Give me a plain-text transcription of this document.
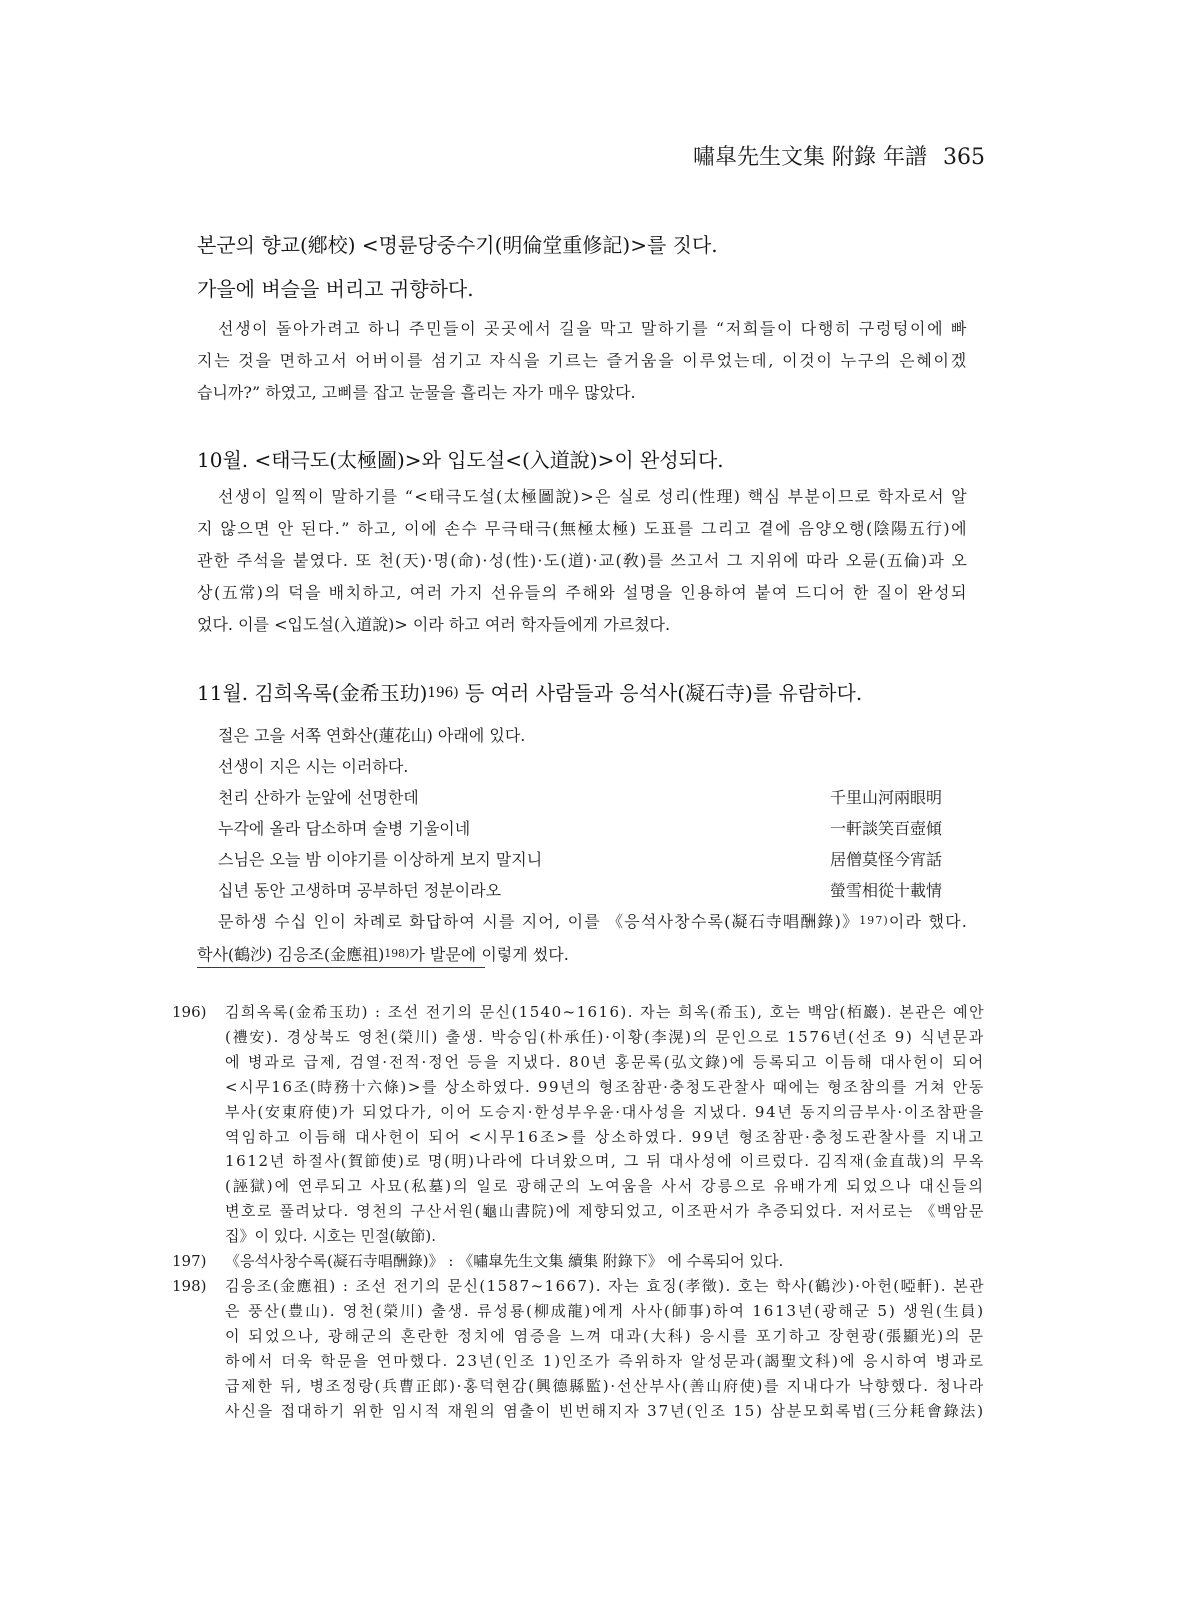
嘯皐先生文集 附錄 年譜 365
본군의 향교(鄕校) <명륜당중수기(明倫堂重修記)>를 짓다.
가을에 벼슬을 버리고 귀향하다.
선생이 돌아가려고 하니 주민들이 곳곳에서 길을 막고 말하기를 “저희들이 다행히 구렁텅이에 빠
지는 것을 면하고서 어버이를 섬기고 자식을 기르는 즐거움을 이루었는데, 이것이 누구의 은혜이겠
습니까?” 하였고, 고삐를 잡고 눈물을 흘리는 자가 매우 많았다.
10월. <태극도(太極圖)>와 입도설<(入道說)>이 완성되다.
선생이 일찍이 말하기를 “<태극도설(太極圖說)>은 실로 성리(性理) 핵심 부분이므로 학자로서 알
지 않으면 안 된다.” 하고, 이에 손수 무극태극(無極太極) 도표를 그리고 곁에 음양오행(陰陽五行)에
관한 주석을 붙였다. 또 천(天)·명(命)·성(性)·도(道)·교(敎)를 쓰고서 그 지위에 따라 오륜(五倫)과 오
상(五常)의 덕을 배치하고, 여러 가지 선유들의 주해와 설명을 인용하여 붙여 드디어 한 질이 완성되
었다. 이를 <입도설(入道說)> 이라 하고 여러 학자들에게 가르쳤다.
11월. 김희옥록(金希玉玏)196) 등 여러 사람들과 응석사(凝石寺)를 유람하다.
절은 고을 서쪽 연화산(蓮花山) 아래에 있다.
선생이 지은 시는 이러하다.
천리 산하가 눈앞에 선명한데	千里山河兩眼明
누각에 올라 담소하며 술병 기울이네	一軒談笑百壺傾
스님은 오늘 밤 이야기를 이상하게 보지 말지니	居僧莫怪今宵話
십년 동안 고생하며 공부하던 정분이라오	螢雪相從十載情
문하생 수십 인이 차례로 화답하여 시를 지어, 이를 《응석사창수록(凝石寺唱酬錄)》197)이라 했다.
학사(鶴沙) 김응조(金應祖)198)가 발문에 이렇게 썼다.
196) 김희옥록(金希玉玏) : 조선 전기의 문신(1540~1616). 자는 희옥(希玉), 호는 백암(栢巖). 본관은 예안
(禮安). 경상북도 영천(榮川) 출생. 박승임(朴承任)·이황(李滉)의 문인으로 1576년(선조 9) 식년문과
에 병과로 급제, 검열·전적·정언 등을 지냈다. 80년 홍문록(弘文錄)에 등록되고 이듬해 대사헌이 되어
<시무16조(時務十六條)>를 상소하였다. 99년의 형조참판·충청도관찰사 때에는 형조참의를 거쳐 안동
부사(安東府使)가 되었다가, 이어 도승지·한성부우윤·대사성을 지냈다. 94년 동지의금부사·이조참판을
역임하고 이듬해 대사헌이 되어 <시무16조>를 상소하였다. 99년 형조참판·충청도관찰사를 지내고
1612년 하절사(賀節使)로 명(明)나라에 다녀왔으며, 그 뒤 대사성에 이르렀다. 김직재(金直哉)의 무옥
(誣獄)에 연루되고 사묘(私墓)의 일로 광해군의 노여움을 사서 강릉으로 유배가게 되었으나 대신들의
변호로 풀려났다. 영천의 구산서원(龜山書院)에 제향되었고, 이조판서가 추증되었다. 저서로는 《백암문
집》이 있다. 시호는 민절(敏節).
197) 《응석사창수록(凝石寺唱酬錄)》 : 《嘯皐先生文集 續集 附錄下》 에 수록되어 있다.
198) 김응조(金應祖) : 조선 전기의 문신(1587~1667). 자는 효징(孝徵). 호는 학사(鶴沙)·아헌(啞軒). 본관
은 풍산(豊山). 영천(榮川) 출생. 류성룡(柳成龍)에게 사사(師事)하여 1613년(광해군 5) 생원(生員)
이 되었으나, 광해군의 혼란한 정치에 염증을 느껴 대과(大科) 응시를 포기하고 장현광(張顯光)의 문
하에서 더욱 학문을 연마했다. 23년(인조 1)인조가 즉위하자 알성문과(謁聖文科)에 응시하여 병과로
급제한 뒤, 병조정랑(兵曹正郎)·홍덕현감(興德縣監)·선산부사(善山府使)를 지내다가 낙향했다. 청나라
사신을 접대하기 위한 임시적 재원의 염출이 빈번해지자 37년(인조 15) 삼분모회록법(三分耗會錄法)
